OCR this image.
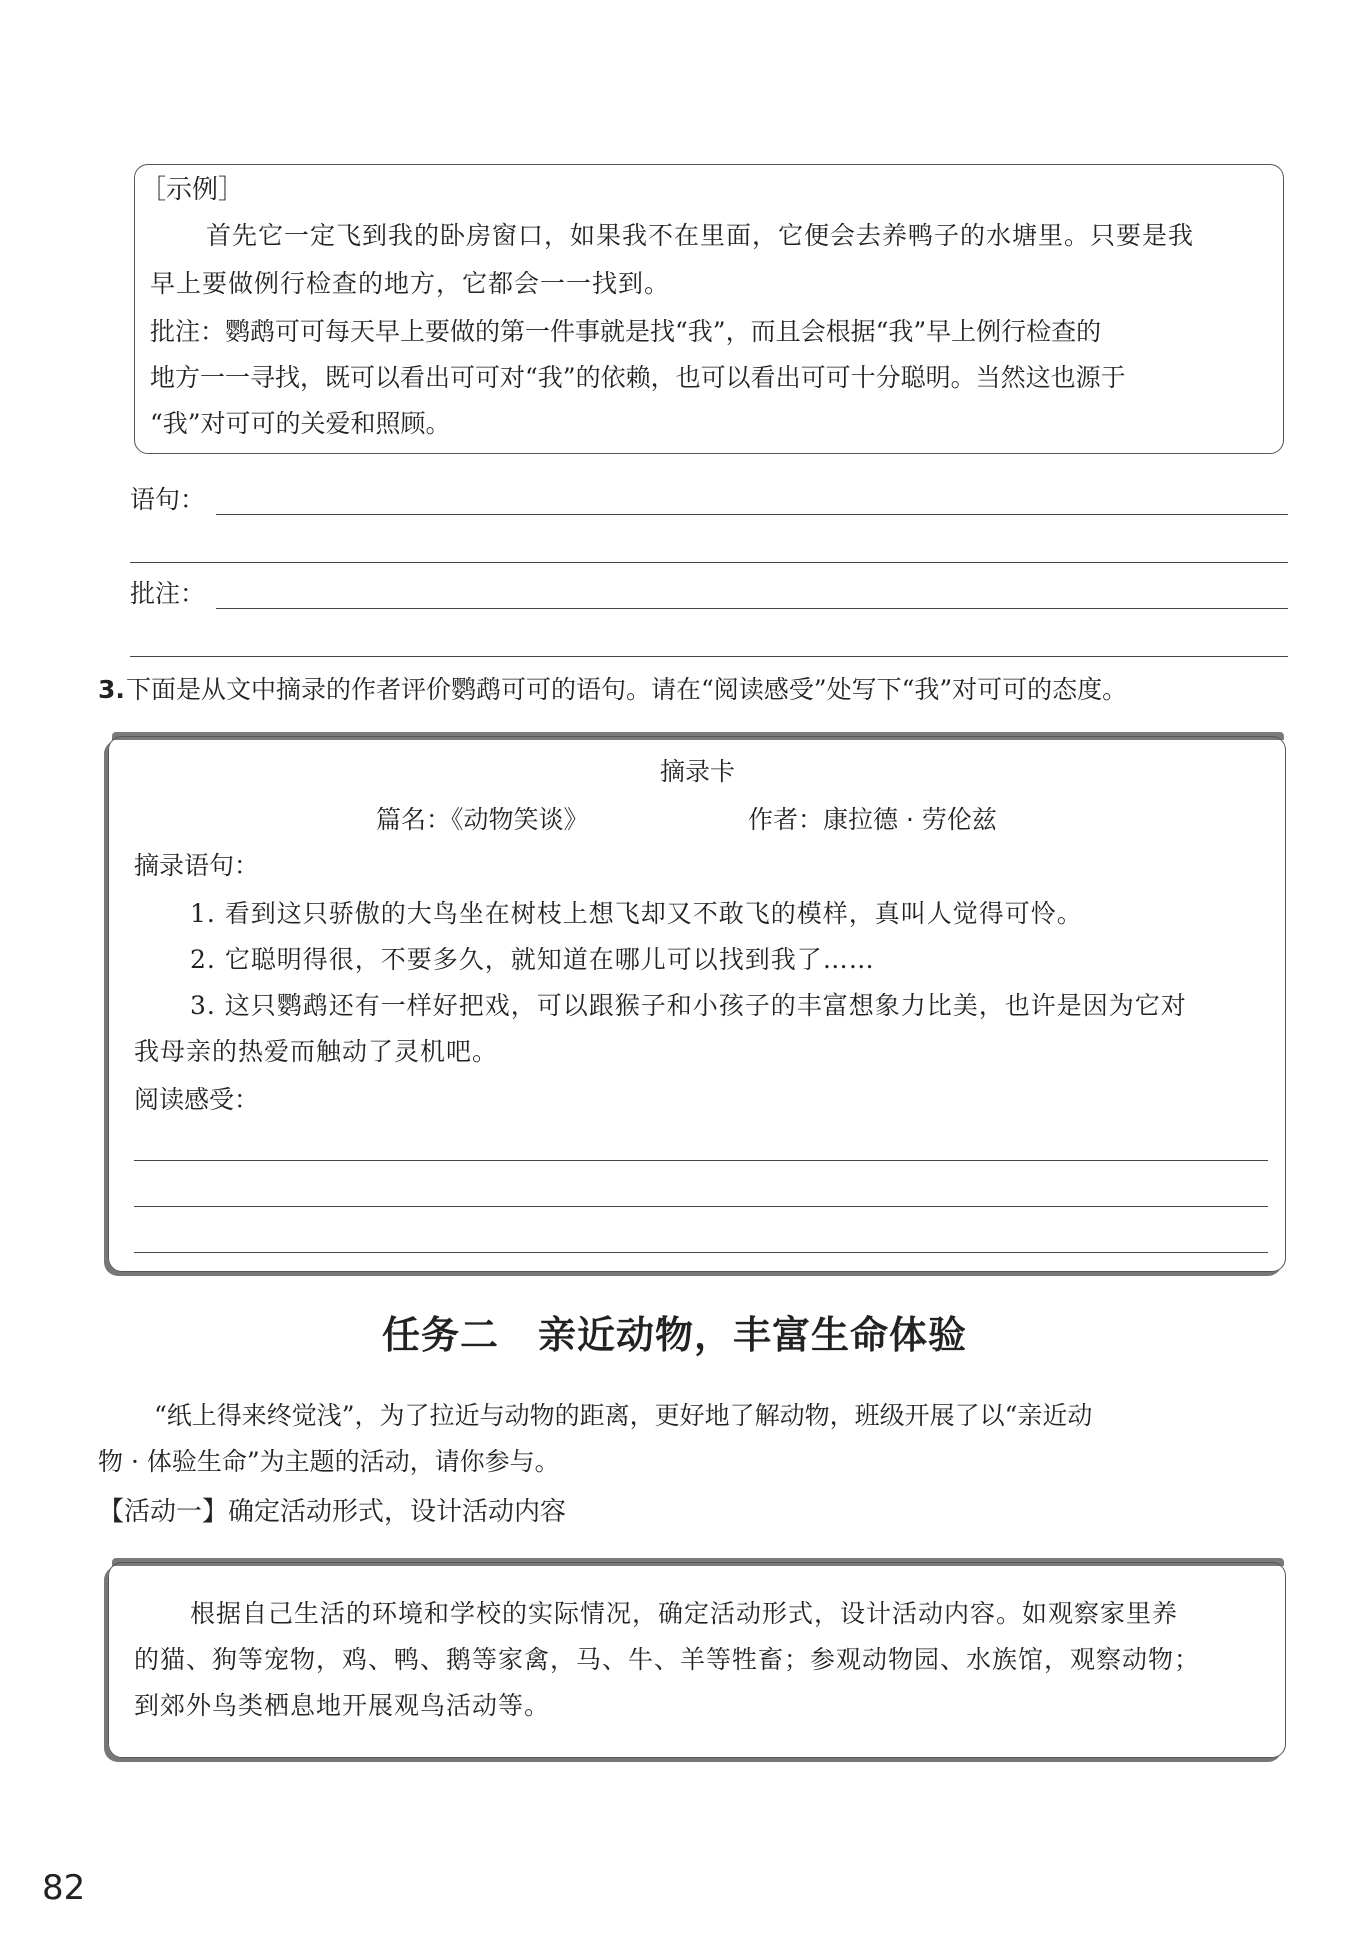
［示例］
首先它一定飞到我的卧房窗口，如果我不在里面，它便会去养鸭子的水塘里。只要是我
早上要做例行检查的地方，它都会一一找到。
批注：鹦鹉可可每天早上要做的第一件事就是找“我”，而且会根据“我”早上例行检查的
地方一一寻找，既可以看出可可对“我”的依赖，也可以看出可可十分聪明。当然这也源于
“我”对可可的关爱和照顾。
语句：
批注：
3. 下面是从文中摘录的作者评价鹦鹉可可的语句。请在“阅读感受”处写下“我”对可可的态度。
摘录卡
篇名：《动物笑谈》	作者：康拉德 · 劳伦兹
摘录语句：
1. 看到这只骄傲的大鸟坐在树枝上想飞却又不敢飞的模样，真叫人觉得可怜。
2. 它聪明得很，不要多久，就知道在哪儿可以找到我了……
3. 这只鹦鹉还有一样好把戏，可以跟猴子和小孩子的丰富想象力比美，也许是因为它对
我母亲的热爱而触动了灵机吧。
阅读感受：
任务二　亲近动物，丰富生命体验
“纸上得来终觉浅”，为了拉近与动物的距离，更好地了解动物，班级开展了以“亲近动
物 · 体验生命”为主题的活动，请你参与。
【活动一】确定活动形式，设计活动内容
根据自己生活的环境和学校的实际情况，确定活动形式，设计活动内容。如观察家里养
的猫、狗等宠物，鸡、鸭、鹅等家禽，马、牛、羊等牲畜；参观动物园、水族馆，观察动物；
到郊外鸟类栖息地开展观鸟活动等。
82
